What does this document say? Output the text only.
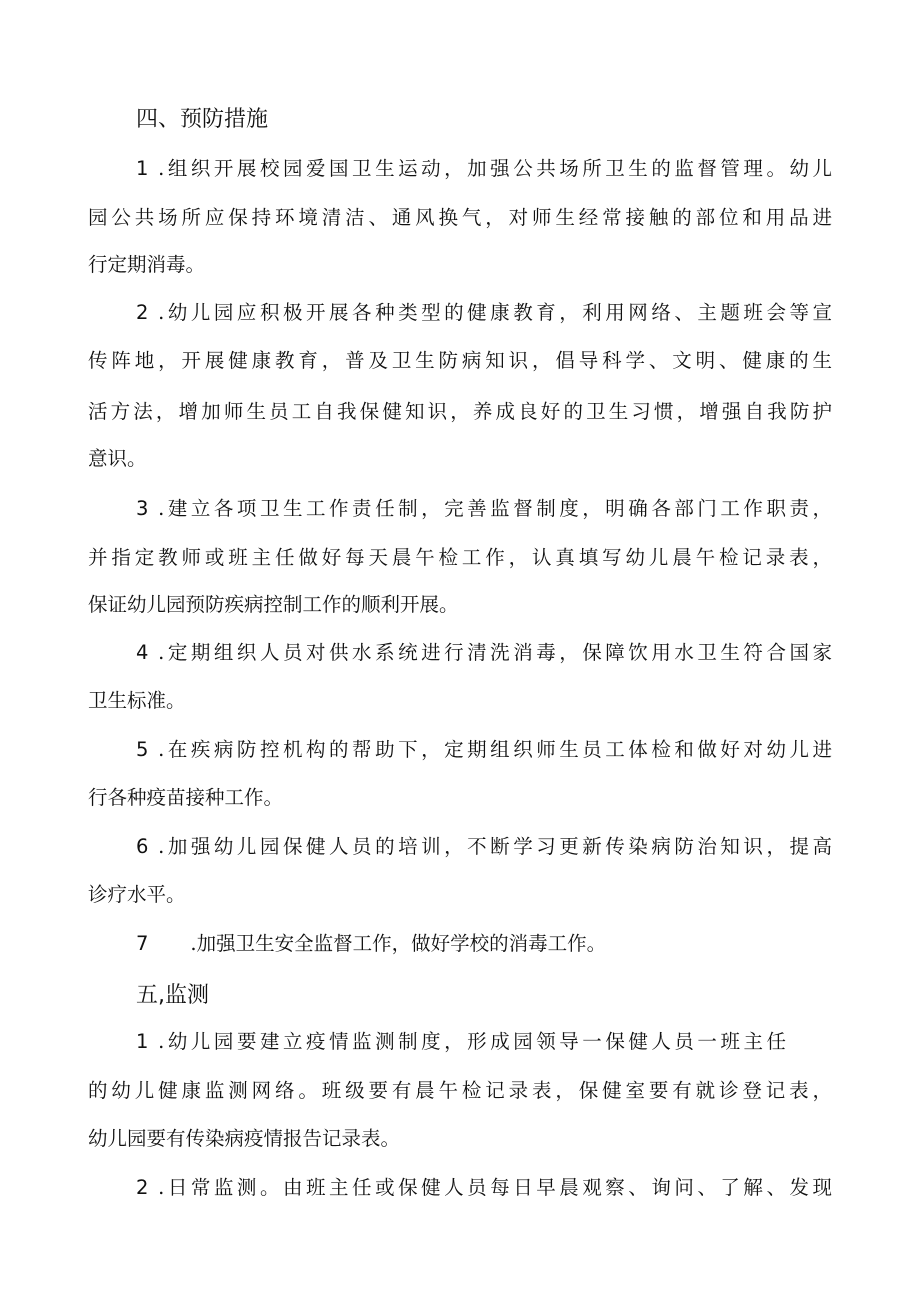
四、预防措施
1 .组织开展校园爱国卫生运动，加强公共场所卫生的监督管理。幼儿
园公共场所应保持环境清洁、通风换气，对师生经常接触的部位和用品进
行定期消毒。
2 .幼儿园应积极开展各种类型的健康教育，利用网络、主题班会等宣
传阵地，开展健康教育，普及卫生防病知识，倡导科学、文明、健康的生
活方法，增加师生员工自我保健知识，养成良好的卫生习惯，增强自我防护
意识。
3 .建立各项卫生工作责任制，完善监督制度，明确各部门工作职责，
并指定教师或班主任做好每天晨午检工作，认真填写幼儿晨午检记录表，
保证幼儿园预防疾病控制工作的顺利开展。
4 .定期组织人员对供水系统进行清洗消毒，保障饮用水卫生符合国家
卫生标准。
5 .在疾病防控机构的帮助下，定期组织师生员工体检和做好对幼儿进
行各种疫苗接种工作。
6 .加强幼儿园保健人员的培训，不断学习更新传染病防治知识，提高
诊疗水平。
7 .加强卫生安全监督工作，做好学校的消毒工作。
五,监测
1 .幼儿园要建立疫情监测制度，形成园领导一保健人员一班主任
的幼儿健康监测网络。班级要有晨午检记录表，保健室要有就诊登记表，
幼儿园要有传染病疫情报告记录表。
2 .日常监测。由班主任或保健人员每日早晨观察、询问、了解、发现
